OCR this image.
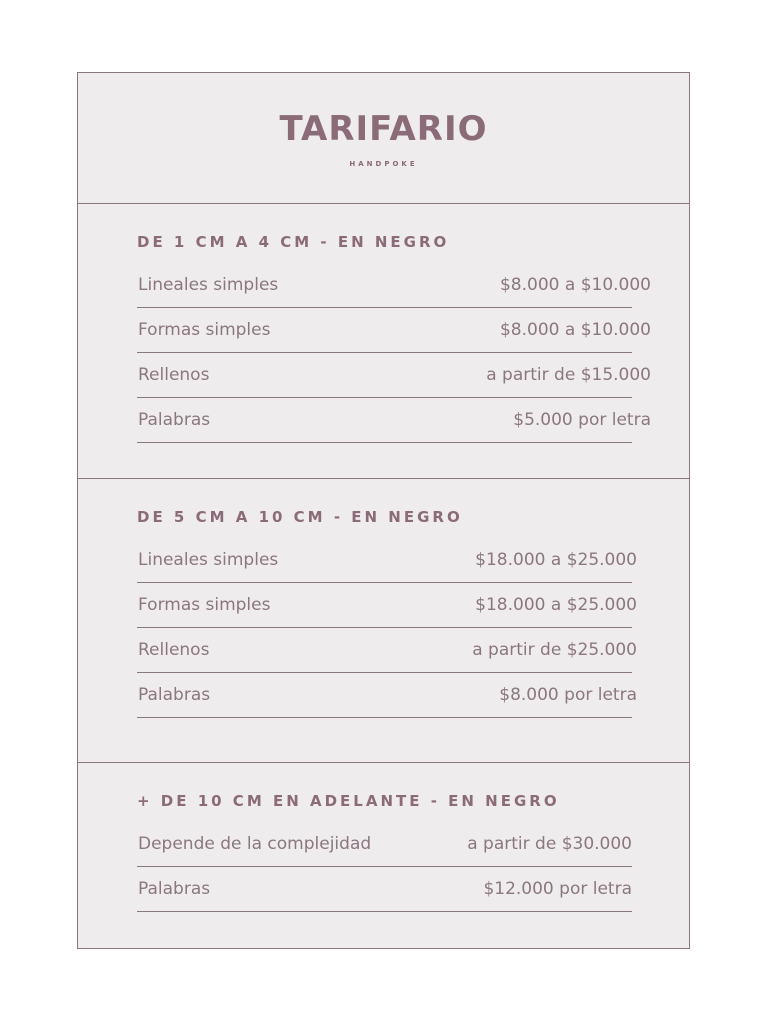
TARIFARIO
HANDPOKE
DE 1 CM A 4 CM - EN NEGRO
Lineales simples	$8.000 a $10.000
Formas simples	$8.000 a $10.000
Rellenos	a partir de $15.000
Palabras	$5.000 por letra
DE 5 CM A 10 CM - EN NEGRO
Lineales simples	$18.000 a $25.000
Formas simples	$18.000 a $25.000
Rellenos	a partir de $25.000
Palabras	$8.000 por letra
+ DE 10 CM EN ADELANTE - EN NEGRO
Depende de la complejidad	a partir de $30.000
Palabras	$12.000 por letra
